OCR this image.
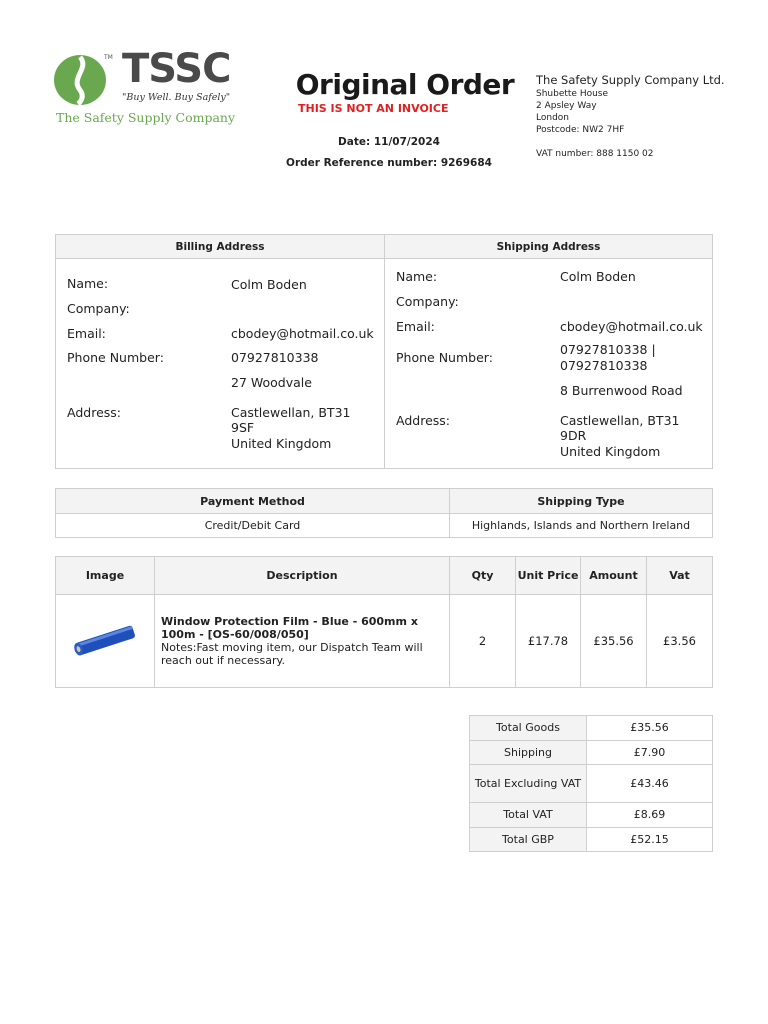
TM TSSC
"Buy Well. Buy Safely"
The Safety Supply Company
Original Order
THIS IS NOT AN INVOICE
Date: 11/07/2024
Order Reference number: 9269684
The Safety Supply Company Ltd.
Shubette House
2 Apsley Way
London
Postcode: NW2 7HF
VAT number: 888 1150 02
Billing Address
Name:	Colm Boden
Company:
Email:	cbodey@hotmail.co.uk
Phone Number:	07927810338
27 Woodvale
Address:	Castlewellan, BT31
9SF
United Kingdom
Shipping Address
Name:	Colm Boden
Company:
Email:	cbodey@hotmail.co.uk
Phone Number:
07927810338 |
07927810338
8 Burrenwood Road
Address:	Castlewellan, BT31
9DR
United Kingdom
Payment Method	Shipping Type
Credit/Debit Card	Highlands, Islands and Northern Ireland
Image	Description	Qty	Unit Price	Amount	Vat

Window Protection Film - Blue - 600mm x 100m - [OS-60/008/050]
Notes:Fast moving item, our Dispatch Team will reach out if necessary.	2	£17.78	£35.56	£3.56
Total Goods	£35.56
Shipping	£7.90
Total Excluding VAT	£43.46
Total VAT	£8.69
Total GBP	£52.15
